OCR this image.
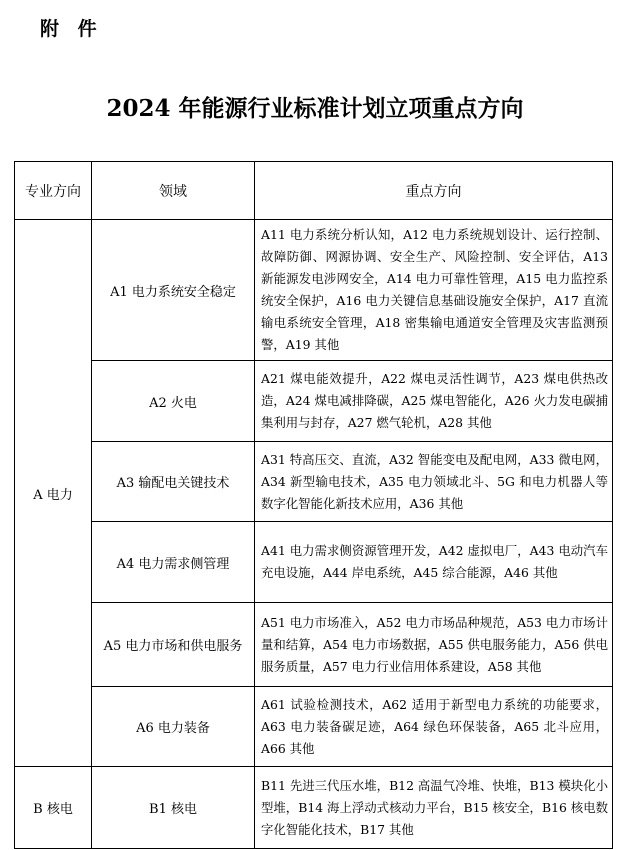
附 件
2024 年能源行业标准计划立项重点方向
专业方向	领域	重点方向
A 电力	A1 电力系统安全稳定	A11 电力系统分析认知，A12 电力系统规划设计、运行控制、故障防御、网源协调、安全生产、风险控制、安全评估，A13 新能源发电涉网安全，A14 电力可靠性管理，A15 电力监控系统安全保护，A16 电力关键信息基础设施安全保护，A17 直流输电系统安全管理，A18 密集输电通道安全管理及灾害监测预警，A19 其他
	A2 火电	A21 煤电能效提升，A22 煤电灵活性调节，A23 煤电供热改造，A24 煤电减排降碳，A25 煤电智能化，A26 火力发电碳捕集利用与封存，A27 燃气轮机，A28 其他
	A3 输配电关键技术	A31 特高压交、直流，A32 智能变电及配电网，A33 微电网，A34 新型输电技术，A35 电力领域北斗、5G 和电力机器人等数字化智能化新技术应用，A36 其他
	A4 电力需求侧管理	A41 电力需求侧资源管理开发，A42 虚拟电厂，A43 电动汽车充电设施，A44 岸电系统，A45 综合能源，A46 其他
	A5 电力市场和供电服务	A51 电力市场准入，A52 电力市场品种规范，A53 电力市场计量和结算，A54 电力市场数据，A55 供电服务能力，A56 供电服务质量，A57 电力行业信用体系建设，A58 其他
	A6 电力装备	A61 试验检测技术，A62 适用于新型电力系统的功能要求，A63 电力装备碳足迹，A64 绿色环保装备，A65 北斗应用，A66 其他
B 核电	B1 核电	B11 先进三代压水堆，B12 高温气冷堆、快堆，B13 模块化小型堆，B14 海上浮动式核动力平台，B15 核安全，B16 核电数字化智能化技术，B17 其他
